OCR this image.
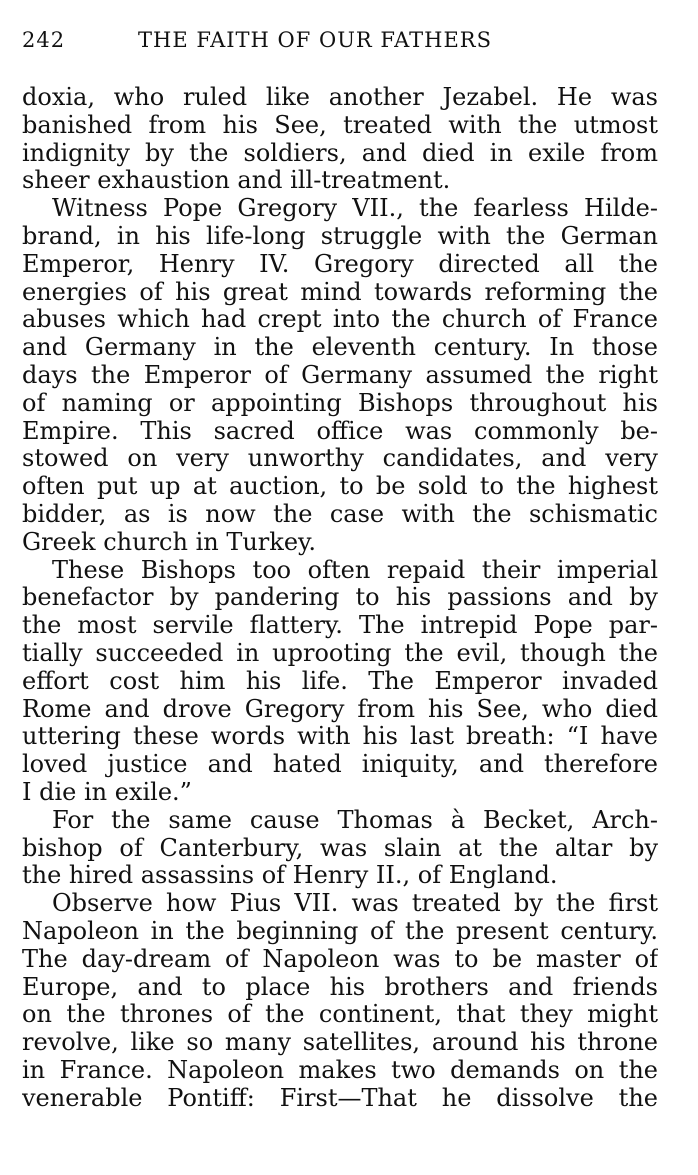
242	THE FAITH OF OUR FATHERS
doxia, who ruled like another Jezabel. He was
banished from his See, treated with the utmost
indignity by the soldiers, and died in exile from
sheer exhaustion and ill-treatment.
Witness Pope Gregory VII., the fearless Hilde-
brand, in his life-long struggle with the German
Emperor, Henry IV. Gregory directed all the
energies of his great mind towards reforming the
abuses which had crept into the church of France
and Germany in the eleventh century. In those
days the Emperor of Germany assumed the right
of naming or appointing Bishops throughout his
Empire. This sacred office was commonly be-
stowed on very unworthy candidates, and very
often put up at auction, to be sold to the highest
bidder, as is now the case with the schismatic
Greek church in Turkey.
These Bishops too often repaid their imperial
benefactor by pandering to his passions and by
the most servile flattery. The intrepid Pope par-
tially succeeded in uprooting the evil, though the
effort cost him his life. The Emperor invaded
Rome and drove Gregory from his See, who died
uttering these words with his last breath: “I have
loved justice and hated iniquity, and therefore
I die in exile.”
For the same cause Thomas à Becket, Arch-
bishop of Canterbury, was slain at the altar by
the hired assassins of Henry II., of England.
Observe how Pius VII. was treated by the first
Napoleon in the beginning of the present century.
The day-dream of Napoleon was to be master of
Europe, and to place his brothers and friends
on the thrones of the continent, that they might
revolve, like so many satellites, around his throne
in France. Napoleon makes two demands on the
venerable Pontiff: First—That he dissolve the
